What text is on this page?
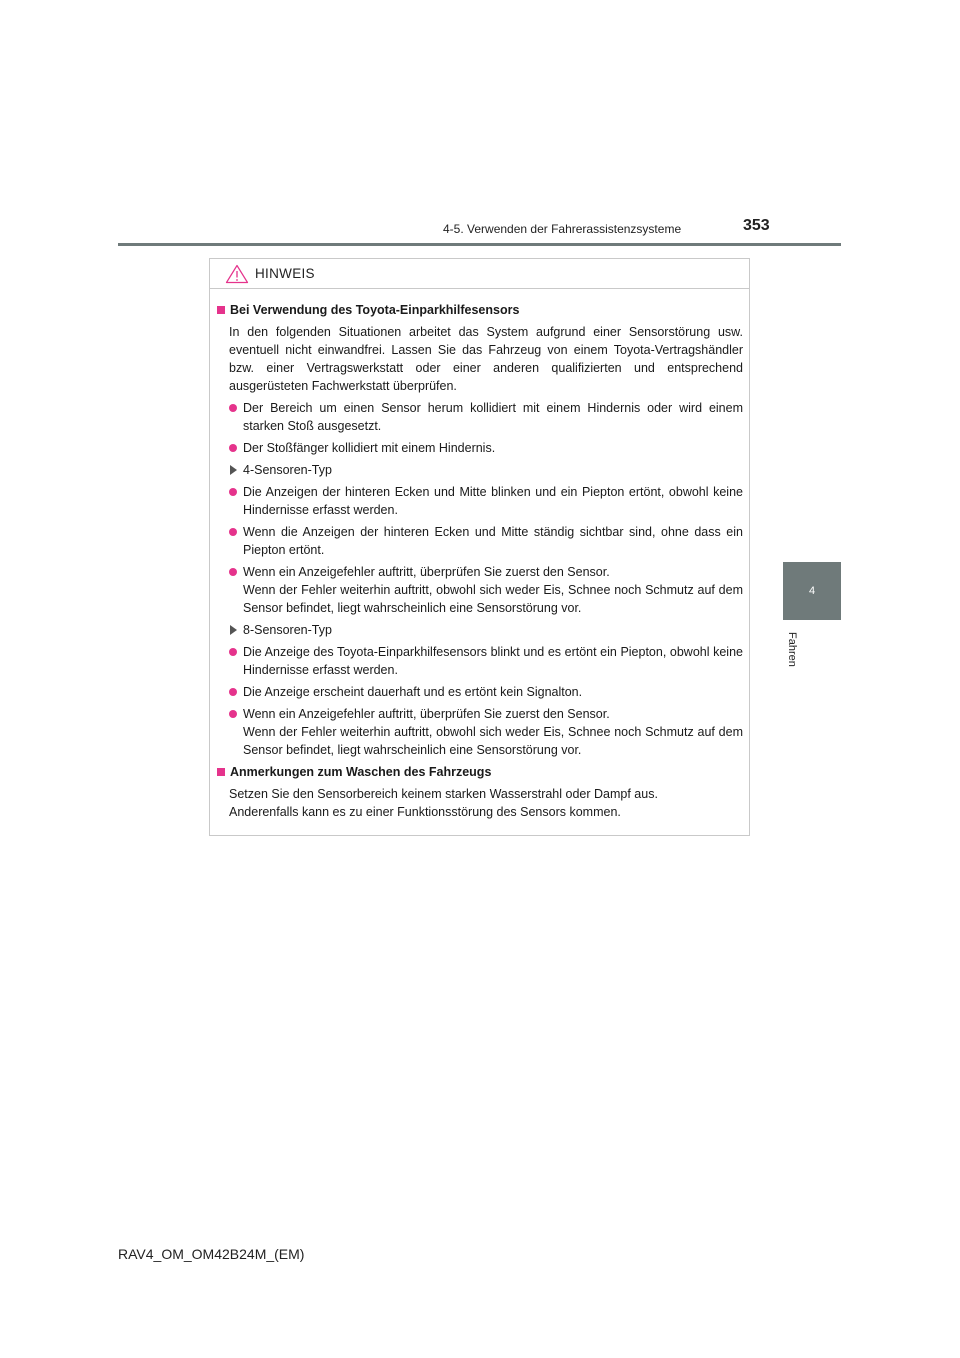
4-5. Verwenden der Fahrerassistenzsysteme	353
4
Fahren
HINWEIS
Bei Verwendung des Toyota-Einparkhilfesensors
In den folgenden Situationen arbeitet das System aufgrund einer Sensorstörung usw. eventuell nicht einwandfrei. Lassen Sie das Fahrzeug von einem Toyota-Vertragshändler bzw. einer Vertragswerkstatt oder einer anderen qualifizierten und entsprechend ausgerüsteten Fachwerkstatt überprüfen.
Der Bereich um einen Sensor herum kollidiert mit einem Hindernis oder wird einem starken Stoß ausgesetzt.
Der Stoßfänger kollidiert mit einem Hindernis.
4-Sensoren-Typ
Die Anzeigen der hinteren Ecken und Mitte blinken und ein Piepton ertönt, obwohl keine Hindernisse erfasst werden.
Wenn die Anzeigen der hinteren Ecken und Mitte ständig sichtbar sind, ohne dass ein Piepton ertönt.
Wenn ein Anzeigefehler auftritt, überprüfen Sie zuerst den Sensor.
Wenn der Fehler weiterhin auftritt, obwohl sich weder Eis, Schnee noch Schmutz auf dem Sensor befindet, liegt wahrscheinlich eine Sensorstörung vor.
8-Sensoren-Typ
Die Anzeige des Toyota-Einparkhilfesensors blinkt und es ertönt ein Piepton, obwohl keine Hindernisse erfasst werden.
Die Anzeige erscheint dauerhaft und es ertönt kein Signalton.
Wenn ein Anzeigefehler auftritt, überprüfen Sie zuerst den Sensor.
Wenn der Fehler weiterhin auftritt, obwohl sich weder Eis, Schnee noch Schmutz auf dem Sensor befindet, liegt wahrscheinlich eine Sensorstörung vor.
Anmerkungen zum Waschen des Fahrzeugs
Setzen Sie den Sensorbereich keinem starken Wasserstrahl oder Dampf aus.
Anderenfalls kann es zu einer Funktionsstörung des Sensors kommen.
RAV4_OM_OM42B24M_(EM)
